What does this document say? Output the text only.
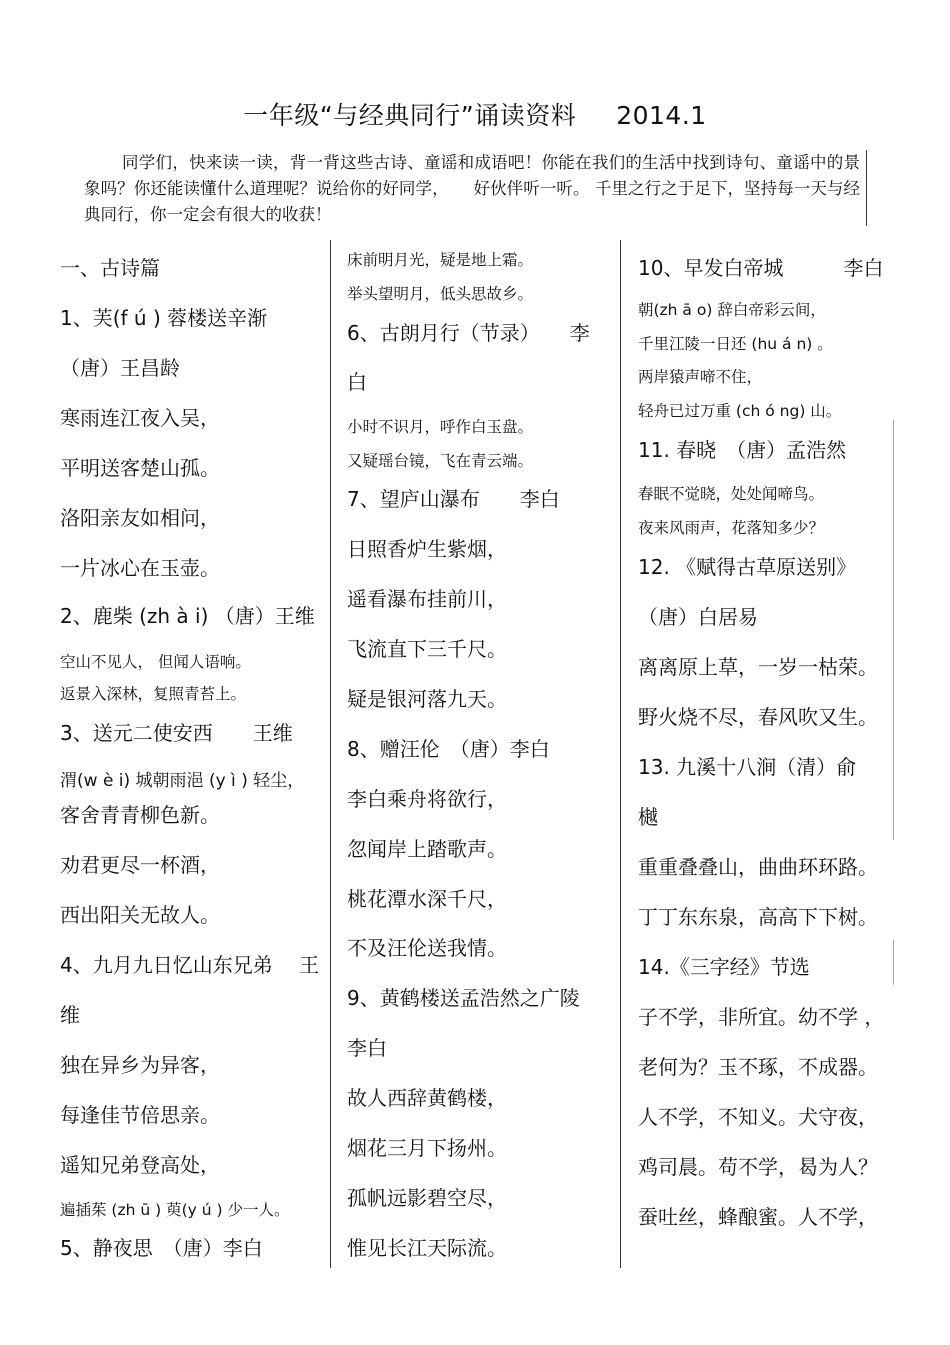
一年级“与经典同行”诵读资料 2014.1

同学们，快来读一读，背一背这些古诗、童谣和成语吧！你能在我们的生活中找到诗句、童谣中的景象吗？你还能读懂什么道理呢？说给你的好同学，　　好伙伴听一听。 千里之行之于足下，坚持每一天与经典同行，你一定会有很大的收获！

一、古诗篇
1、芙(f ú ) 蓉楼送辛渐
（唐）王昌龄
寒雨连江夜入吴，
平明送客楚山孤。
洛阳亲友如相问，
一片冰心在玉壶。
2、鹿柴 (zh à i) （唐）王维
空山不见人， 但闻人语响。
返景入深林，复照青苔上。
3、送元二使安西　　王维
渭(w è i) 城朝雨浥 (y ì ) 轻尘，
客舍青青柳色新。
劝君更尽一杯酒，
西出阳关无故人。
4、九月九日忆山东兄弟　 王
维
独在异乡为异客，
每逢佳节倍思亲。
遥知兄弟登高处，
遍插茱 (zh ū ) 萸(y ú ) 少一人。
5、静夜思　（唐）李白
床前明月光，疑是地上霜。
举头望明月，低头思故乡。
6、古朗月行（节录）　　李
白
小时不识月，呼作白玉盘。
又疑瑶台镜，飞在青云端。
7、望庐山瀑布　　李白
日照香炉生紫烟，
遥看瀑布挂前川，
飞流直下三千尺。
疑是银河落九天。
8、赠汪伦　（唐）李白
李白乘舟将欲行，
忽闻岸上踏歌声。
桃花潭水深千尺，
不及汪伦送我情。
9、黄鹤楼送孟浩然之广陵
李白
故人西辞黄鹤楼，
烟花三月下扬州。
孤帆远影碧空尽，
惟见长江天际流。
10、早发白帝城　　　李白
朝(zh ā o) 辞白帝彩云间，
千里江陵一日还 (hu á n) 。
两岸猿声啼不住，
轻舟已过万重 (ch ó ng) 山。
11. 春晓　（唐）孟浩然
春眠不觉晓，处处闻啼鸟。
夜来风雨声，花落知多少？
12. 《赋得古草原送别》
（唐）白居易
离离原上草，一岁一枯荣。
野火烧不尽，春风吹又生。
13. 九溪十八涧（清）俞
樾
重重叠叠山，曲曲环环路。
丁丁东东泉，高高下下树。
14.《三字经》节选
子不学，非所宜。幼不学 ，
老何为？玉不琢，不成器。
人不学，不知义。犬守夜，
鸡司晨。苟不学，曷为人？
蚕吐丝，蜂酿蜜。人不学，
